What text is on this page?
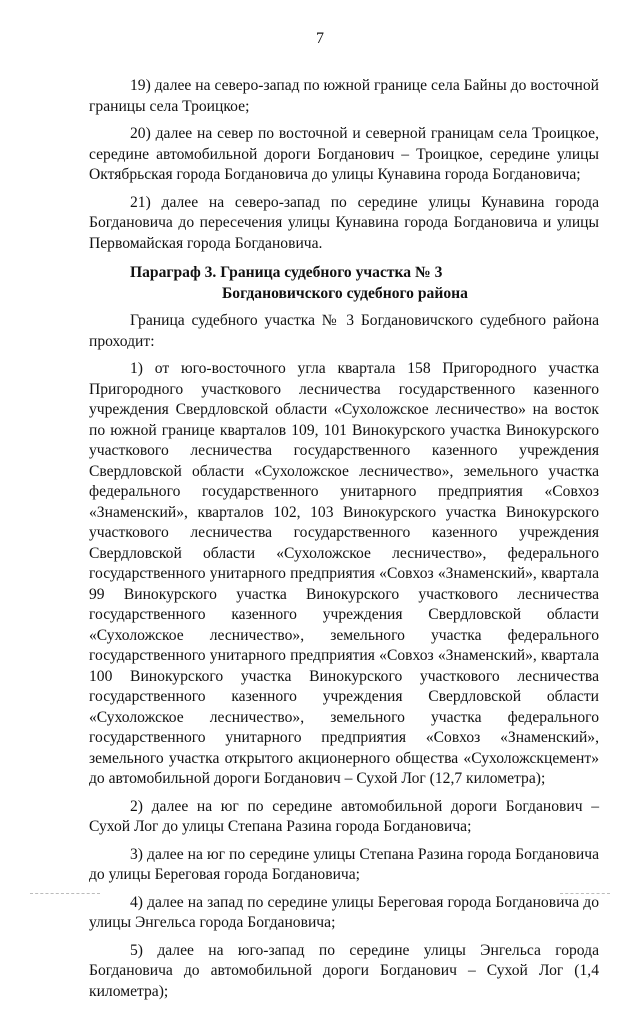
7

19) далее на северо-запад по южной границе села Байны до восточной границы села Троицкое;

20) далее на север по восточной и северной границам села Троицкое, середине автомобильной дороги Богданович – Троицкое, середине улицы Октябрьская города Богдановича до улицы Кунавина города Богдановича;

21) далее на северо-запад по середине улицы Кунавина города Богдановича до пересечения улицы Кунавина города Богдановича и улицы Первомайская города Богдановича.

Параграф 3. Граница судебного участка № 3
Богдановичского судебного района

Граница судебного участка № 3 Богдановичского судебного района проходит:

1) от юго-восточного угла квартала 158 Пригородного участка Пригородного участкового лесничества государственного казенного учреждения Свердловской области «Сухоложское лесничество» на восток по южной границе кварталов 109, 101 Винокурского участка Винокурского участкового лесничества государственного казенного учреждения Свердловской области «Сухоложское лесничество», земельного участка федерального государственного унитарного предприятия «Совхоз «Знаменский», кварталов 102, 103 Винокурского участка Винокурского участкового лесничества государственного казенного учреждения Свердловской области «Сухоложское лесничество», федерального государственного унитарного предприятия «Совхоз «Знаменский», квартала 99 Винокурского участка Винокурского участкового лесничества государственного казенного учреждения Свердловской области «Сухоложское лесничество», земельного участка федерального государственного унитарного предприятия «Совхоз «Знаменский», квартала 100 Винокурского участка Винокурского участкового лесничества государственного казенного учреждения Свердловской области «Сухоложское лесничество», земельного участка федерального государственного унитарного предприятия «Совхоз «Знаменский», земельного участка открытого акционерного общества «Сухоложскцемент» до автомобильной дороги Богданович – Сухой Лог (12,7 километра);

2) далее на юг по середине автомобильной дороги Богданович – Сухой Лог до улицы Степана Разина города Богдановича;

3) далее на юг по середине улицы Степана Разина города Богдановича до улицы Береговая города Богдановича;

4) далее на запад по середине улицы Береговая города Богдановича до улицы Энгельса города Богдановича;

5) далее на юго-запад по середине улицы Энгельса города Богдановича до автомобильной дороги Богданович – Сухой Лог (1,4 километра);
